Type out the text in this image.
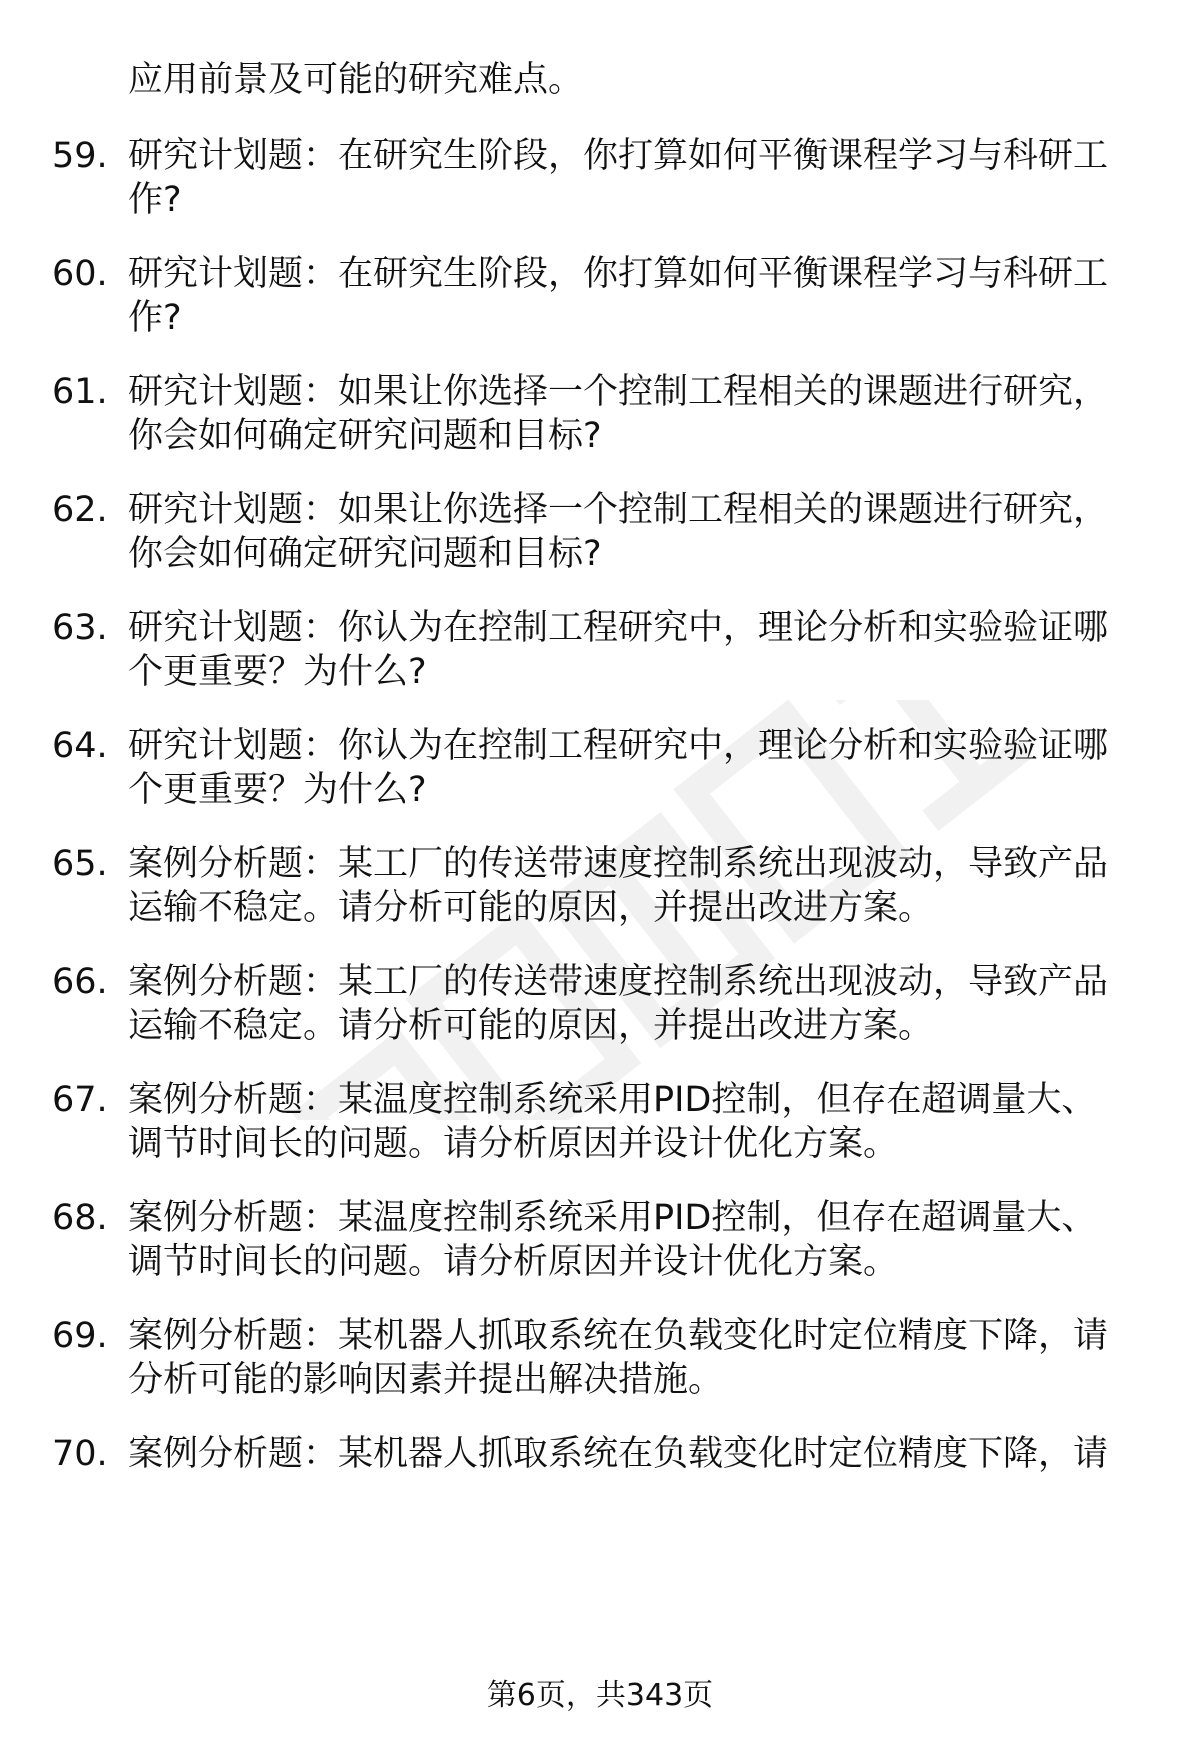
应用前景及可能的研究难点。
59. 研究计划题：在研究生阶段，你打算如何平衡课程学习与科研工
作?
60. 研究计划题：在研究生阶段，你打算如何平衡课程学习与科研工
作?
61. 研究计划题：如果让你选择一个控制工程相关的课题进行研究，
你会如何确定研究问题和目标?
62. 研究计划题：如果让你选择一个控制工程相关的课题进行研究，
你会如何确定研究问题和目标?
63. 研究计划题：你认为在控制工程研究中，理论分析和实验验证哪
个更重要？为什么?
64. 研究计划题：你认为在控制工程研究中，理论分析和实验验证哪
个更重要？为什么?
65. 案例分析题：某工厂的传送带速度控制系统出现波动，导致产品
运输不稳定。请分析可能的原因，并提出改进方案。
66. 案例分析题：某工厂的传送带速度控制系统出现波动，导致产品
运输不稳定。请分析可能的原因，并提出改进方案。
67. 案例分析题：某温度控制系统采用PID控制，但存在超调量大、
调节时间长的问题。请分析原因并设计优化方案。
68. 案例分析题：某温度控制系统采用PID控制，但存在超调量大、
调节时间长的问题。请分析原因并设计优化方案。
69. 案例分析题：某机器人抓取系统在负载变化时定位精度下降，请
分析可能的影响因素并提出解决措施。
70. 案例分析题：某机器人抓取系统在负载变化时定位精度下降，请
第6页，共343页
